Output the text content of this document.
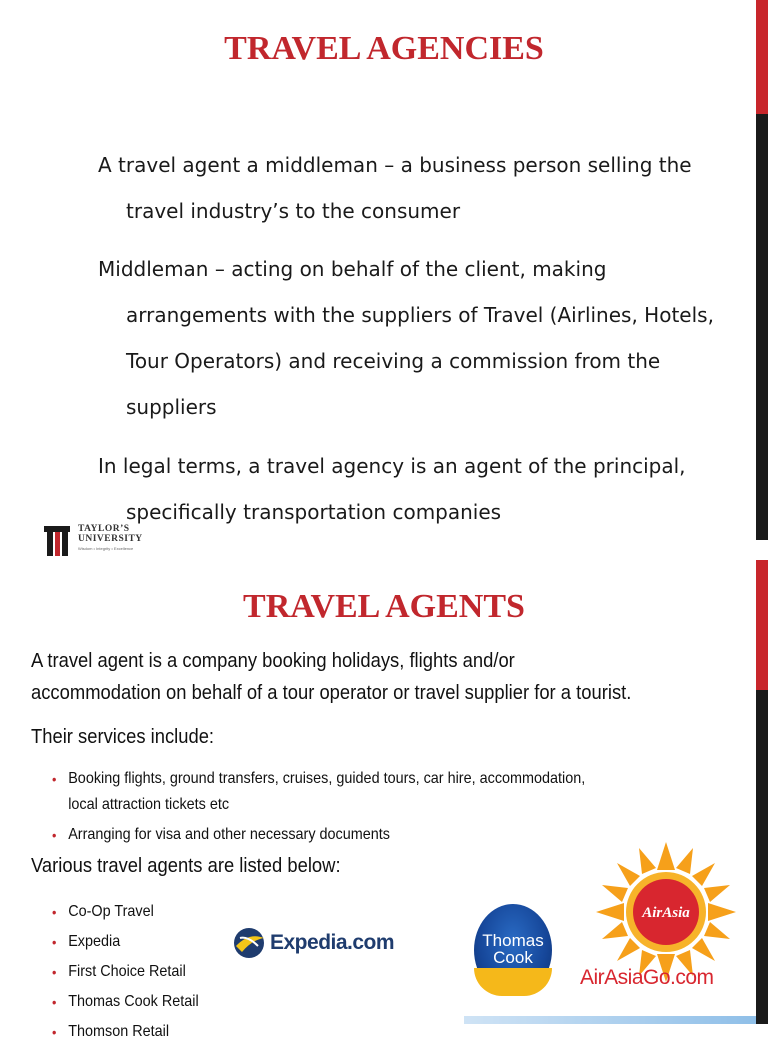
TRAVEL AGENCIES
A travel agent a middleman – a business person selling the
travel industry’s to the consumer
Middleman – acting on behalf of the client, making
arrangements with the suppliers of Travel (Airlines, Hotels,
Tour Operators) and receiving a commission from the
suppliers
In legal terms, a travel agency is an agent of the principal,
specifically transportation companies
TAYLOR’S
UNIVERSITY
Wisdom • Integrity • Excellence
TRAVEL AGENTS

A travel agent is a company booking holidays, flights and/or

accommodation on behalf of a tour operator or travel supplier for a tourist.

Their services include:

• Booking flights, ground transfers, cruises, guided tours, car hire, accommodation,
local attraction tickets etc
• Arranging for visa and other necessary documents

Various travel agents are listed below:

• Co-Op Travel
• Expedia
• First Choice Retail
• Thomas Cook Retail
• Thomson Retail
Expedia.com	Thomas
Cook
AirAsia
AirAsiaGo.com
